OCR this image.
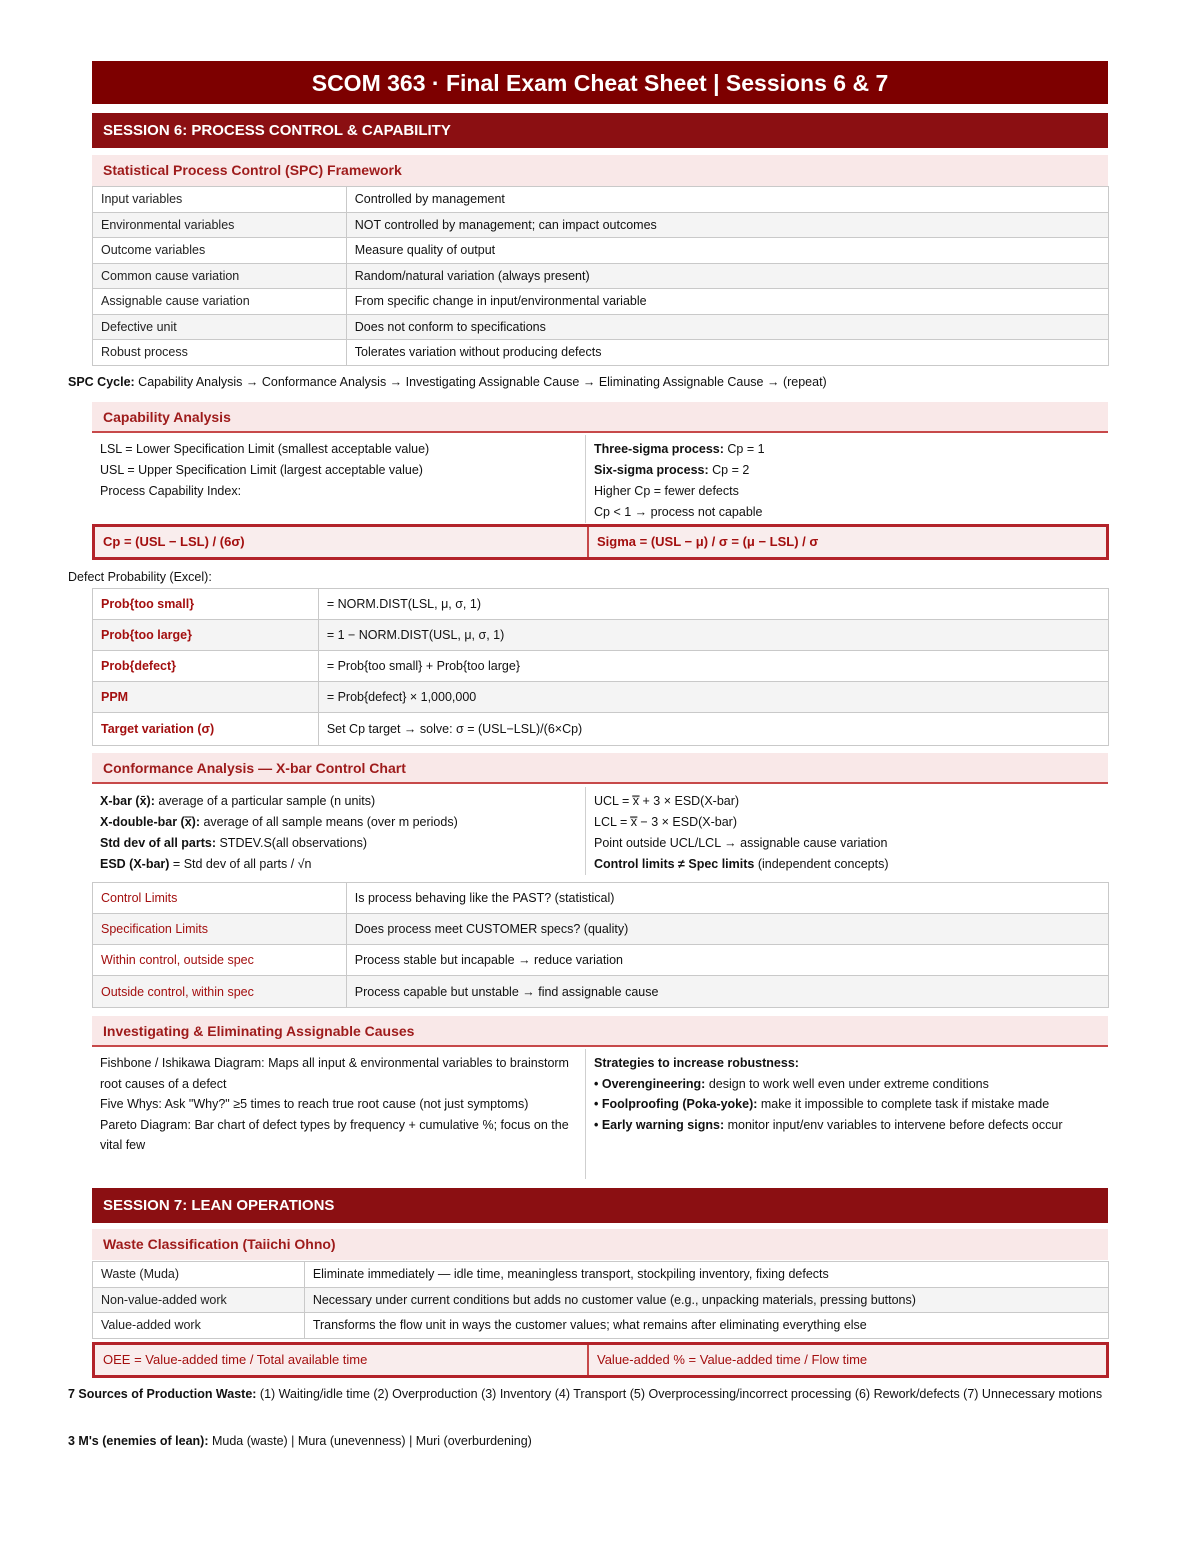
SCOM 363 · Final Exam Cheat Sheet | Sessions 6 & 7
SESSION 6: PROCESS CONTROL & CAPABILITY
Statistical Process Control (SPC) Framework
Input variables	Controlled by management
Environmental variables	NOT controlled by management; can impact outcomes
Outcome variables	Measure quality of output
Common cause variation	Random/natural variation (always present)
Assignable cause variation	From specific change in input/environmental variable
Defective unit	Does not conform to specifications
Robust process	Tolerates variation without producing defects
SPC Cycle: Capability Analysis → Conformance Analysis → Investigating Assignable Cause → Eliminating Assignable Cause → (repeat)
Capability Analysis
LSL = Lower Specification Limit (smallest acceptable value)
USL = Upper Specification Limit (largest acceptable value)
Process Capability Index:
Three-sigma process: Cp = 1
Six-sigma process: Cp = 2
Higher Cp = fewer defects
Cp < 1 → process not capable
Cp = (USL − LSL) / (6σ)	Sigma = (USL − μ) / σ = (μ − LSL) / σ
Defect Probability (Excel):
Prob{too small}	= NORM.DIST(LSL, μ, σ, 1)
Prob{too large}	= 1 − NORM.DIST(USL, μ, σ, 1)
Prob{defect}	= Prob{too small} + Prob{too large}
PPM	= Prob{defect} × 1,000,000
Target variation (σ)	Set Cp target → solve: σ = (USL−LSL)/(6×Cp)
Conformance Analysis — X-bar Control Chart
X-bar (x̄): average of a particular sample (n units)
X-double-bar (x̿): average of all sample means (over m periods)
Std dev of all parts: STDEV.S(all observations)
ESD (X-bar) = Std dev of all parts / √n
UCL = x̿ + 3 × ESD(X-bar)
LCL = x̿ − 3 × ESD(X-bar)
Point outside UCL/LCL → assignable cause variation
Control limits ≠ Spec limits (independent concepts)
Control Limits	Is process behaving like the PAST? (statistical)
Specification Limits	Does process meet CUSTOMER specs? (quality)
Within control, outside spec	Process stable but incapable → reduce variation
Outside control, within spec	Process capable but unstable → find assignable cause
Investigating & Eliminating Assignable Causes
Fishbone / Ishikawa Diagram: Maps all input & environmental variables to brainstorm root causes of a defect
Five Whys: Ask "Why?" ≥5 times to reach true root cause (not just symptoms)
Pareto Diagram: Bar chart of defect types by frequency + cumulative %; focus on the vital few
Strategies to increase robustness:
• Overengineering: design to work well even under extreme conditions
• Foolproofing (Poka-yoke): make it impossible to complete task if mistake made
• Early warning signs: monitor input/env variables to intervene before defects occur
SESSION 7: LEAN OPERATIONS
Waste Classification (Taiichi Ohno)
Waste (Muda)	Eliminate immediately — idle time, meaningless transport, stockpiling inventory, fixing defects
Non-value-added work	Necessary under current conditions but adds no customer value (e.g., unpacking materials, pressing buttons)
Value-added work	Transforms the flow unit in ways the customer values; what remains after eliminating everything else
OEE = Value-added time / Total available time	Value-added % = Value-added time / Flow time
7 Sources of Production Waste: (1) Waiting/idle time (2) Overproduction (3) Inventory (4) Transport (5) Overprocessing/incorrect processing (6) Rework/defects (7) Unnecessary motions
3 M's (enemies of lean): Muda (waste) | Mura (unevenness) | Muri (overburdening)
